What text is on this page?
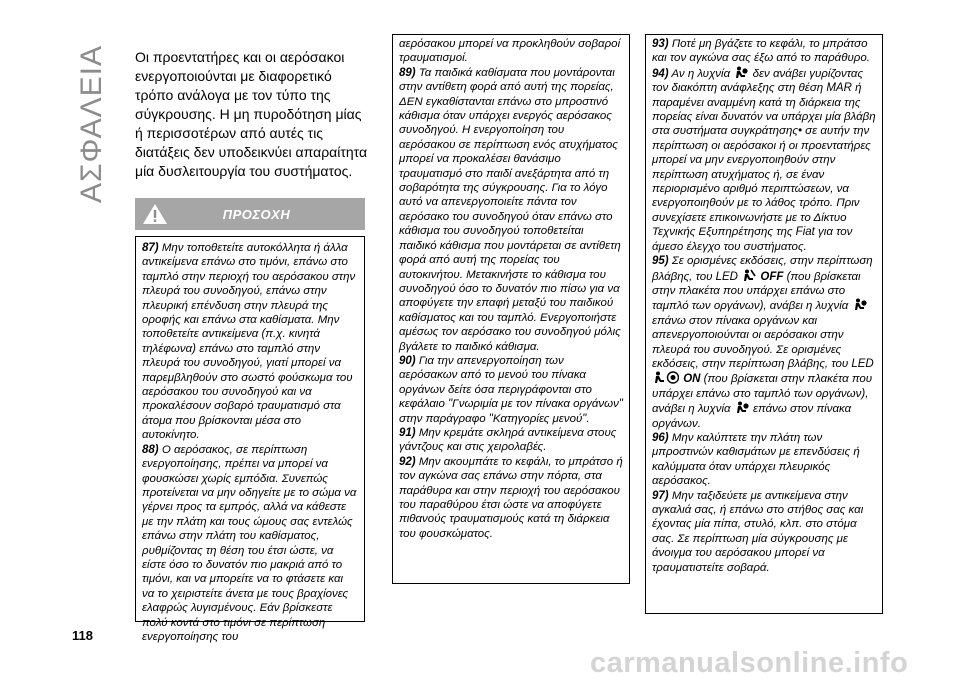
ΑΣΦΑΛΕΙΑ Οι προεντατήρες και οι αερόσακοι ενεργοποιούνται με διαφορετικό τρόπο ανάλογα με τον τύπο της σύγκρουσης. Η μη πυροδότηση μίας ή περισσοτέρων από αυτές τις διατάξεις δεν υποδεικνύει απαραίτητα μία δυσλειτουργία του συστήματος.

ΠΡΟΣΟΧΗ

87) Μην τοποθετείτε αυτοκόλλητα ή άλλα αντικείμενα επάνω στο τιμόνι, επάνω στο ταμπλό στην περιοχή του αερόσακου στην πλευρά του συνοδηγού, επάνω στην πλευρική επένδυση στην πλευρά της οροφής και επάνω στα καθίσματα. Μην τοποθετείτε αντικείμενα (π.χ. κινητά τηλέφωνα) επάνω στο ταμπλό στην πλευρά του συνοδηγού, γιατί μπορεί να παρεμβληθούν στο σωστό φούσκωμα του αερόσακου του συνοδηγού και να προκαλέσουν σοβαρό τραυματισμό στα άτομα που βρίσκονται μέσα στο αυτοκίνητο.

88) Ο αερόσακος, σε περίπτωση ενεργοποίησης, πρέπει να μπορεί να φουσκώσει χωρίς εμπόδια. Συνεπώς προτείνεται να μην οδηγείτε με το σώμα να γέρνει προς τα εμπρός, αλλά να κάθεστε με την πλάτη και τους ώμους σας εντελώς επάνω στην πλάτη του καθίσματος, ρυθμίζοντας τη θέση του έτσι ώστε, να είστε όσο το δυνατόν πιο μακριά από το τιμόνι, και να μπορείτε να το φτάσετε και να το χειριστείτε άνετα με τους βραχίονες ελαφρώς λυγισμένους. Εάν βρίσκεστε πολύ κοντά στο τιμόνι σε περίπτωση ενεργοποίησης του

αερόσακου μπορεί να προκληθούν σοβαροί τραυματισμοί.

89) Τα παιδικά καθίσματα που μοντάρονται στην αντίθετη φορά από αυτή της πορείας, ΔΕΝ εγκαθίστανται επάνω στο μπροστινό κάθισμα όταν υπάρχει ενεργός αερόσακος συνοδηγού. Η ενεργοποίηση του αερόσακου σε περίπτωση ενός ατυχήματος μπορεί να προκαλέσει θανάσιμο τραυματισμό στο παιδί ανεξάρτητα από τη σοβαρότητα της σύγκρουσης. Για το λόγο αυτό να απενεργοποιείτε πάντα τον αερόσακο του συνοδηγού όταν επάνω στο κάθισμα του συνοδηγού τοποθετείται παιδικό κάθισμα που μοντάρεται σε αντίθετη φορά από αυτή της πορείας του αυτοκινήτου. Μετακινήστε το κάθισμα του συνοδηγού όσο το δυνατόν πιο πίσω για να αποφύγετε την επαφή μεταξύ του παιδικού καθίσματος και του ταμπλό. Ενεργοποιήστε αμέσως τον αερόσακο του συνοδηγού μόλις βγάλετε το παιδικό κάθισμα.

90) Για την απενεργοποίηση των αερόσακων από το μενού του πίνακα οργάνων δείτε όσα περιγράφονται στο κεφάλαιο "Γνωριμία με τον πίνακα οργάνων" στην παράγραφο "Κατηγορίες μενού".

91) Μην κρεμάτε σκληρά αντικείμενα στους γάντζους και στις χειρολαβές.

92) Μην ακουμπάτε το κεφάλι, το μπράτσο ή τον αγκώνα σας επάνω στην πόρτα, στα παράθυρα και στην περιοχή του αερόσακου του παραθύρου έτσι ώστε να αποφύγετε πιθανούς τραυματισμούς κατά τη διάρκεια του φουσκώματος.

93) Ποτέ μη βγάζετε το κεφάλι, το μπράτσο και τον αγκώνα σας έξω από το παράθυρο.

94) Αν η λυχνία δεν ανάβει γυρίζοντας τον διακόπτη ανάφλεξης στη θέση MAR ή παραμένει αναμμένη κατά τη διάρκεια της πορείας είναι δυνατόν να υπάρχει μία βλάβη στα συστήματα συγκράτησης• σε αυτήν την περίπτωση οι αερόσακοι ή οι προεντατήρες μπορεί να μην ενεργοποιηθούν στην περίπτωση ατυχήματος ή, σε έναν περιορισμένο αριθμό περιπτώσεων, να ενεργοποιηθούν με το λάθος τρόπο. Πριν συνεχίσετε επικοινωνήστε με το Δίκτυο Τεχνικής Εξυπηρέτησης της Fiat για τον άμεσο έλεγχο του συστήματος.

95) Σε ορισμένες εκδόσεις, στην περίπτωση βλάβης, του LED OFF (που βρίσκεται στην πλακέτα που υπάρχει επάνω στο ταμπλό των οργάνων), ανάβει η λυχνία  επάνω στον πίνακα οργάνων και απενεργοποιούνται οι αερόσακοι στην πλευρά του συνοδηγού. Σε ορισμένες εκδόσεις, στην περίπτωση βλάβης, του LED  ON (που βρίσκεται στην πλακέτα που υπάρχει επάνω στο ταμπλό των οργάνων), ανάβει η λυχνία επάνω στον πίνακα οργάνων.

96) Μην καλύπτετε την πλάτη των μπροστινών καθισμάτων με επενδύσεις ή καλύμματα όταν υπάρχει πλευρικός αερόσακος.

97) Μην ταξιδεύετε με αντικείμενα στην αγκαλιά σας, ή επάνω στο στήθος σας και έχοντας μία πίπα, στυλό, κλπ. στο στόμα σας. Σε περίπτωση μία σύγκρουσης με άνοιγμα του αερόσακου μπορεί να τραυματιστείτε σοβαρά.

118
carmanualsonline.info
